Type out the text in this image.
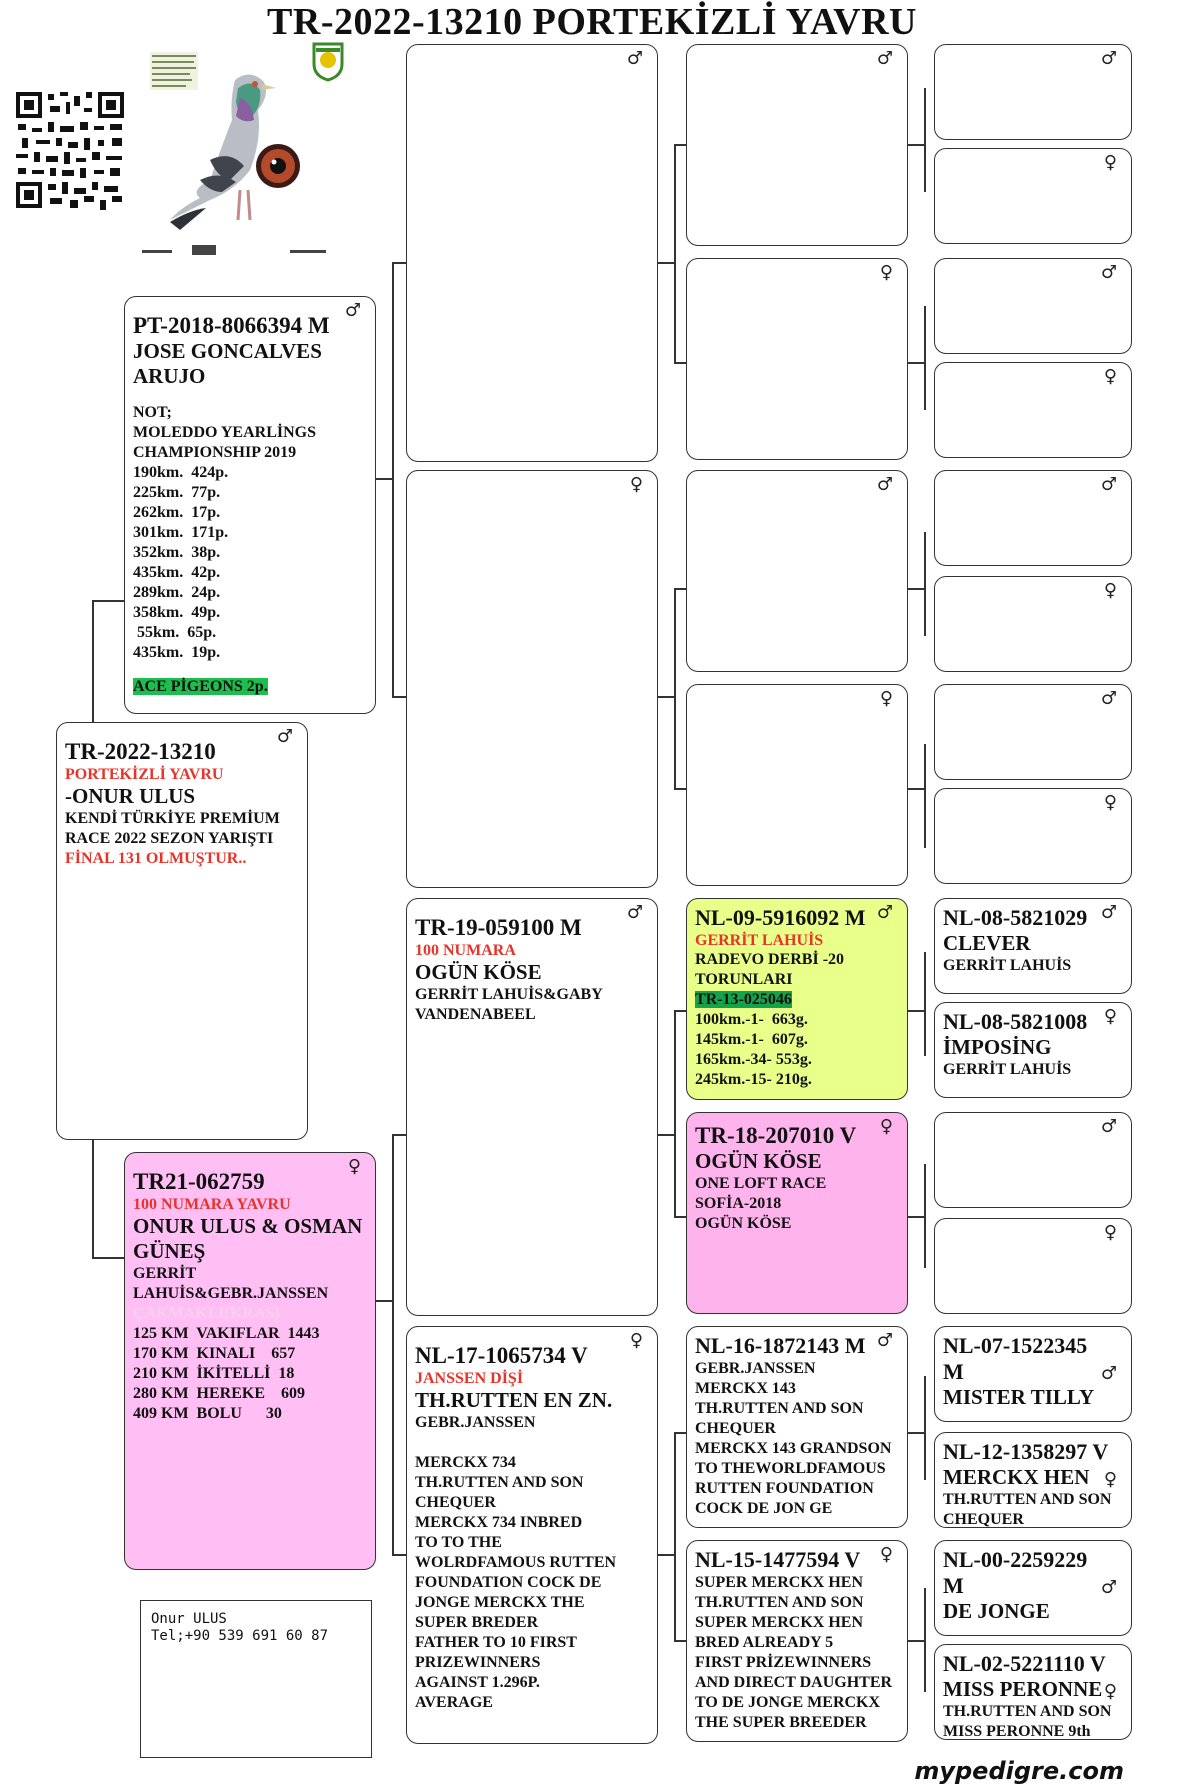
TR-2022-13210 PORTEKİZLİ YAVRU
♂
PT-2018-8066394 M
JOSE GONCALVES
ARUJO
NOT;
MOLEDDO YEARLİNGS
CHAMPIONSHIP 2019
190km.  424p.
225km.  77p.
262km.  17p.
301km.  171p.
352km.  38p.
435km.  42p.
289km.  24p.
358km.  49p.
55km.  65p.
435km.  19p.
ACE PİGEONS 2p.
♂
TR-2022-13210
PORTEKİZLİ YAVRU
-ONUR ULUS
KENDİ TÜRKİYE PREMİUM
RACE 2022 SEZON YARIŞTI
FİNAL 131 OLMUŞTUR..
♀
TR21-062759
100 NUMARA YAVRU
ONUR ULUS & OSMAN
GÜNEŞ
GERRİT
LAHUİS&GEBR.JANSSEN
ÇAKMAKLI(KRAS)
125 KM  VAKIFLAR  1443
170 KM  KINALI    657
210 KM  İKİTELLİ  18
280 KM  HEREKE    609
409 KM  BOLU      30
♂
♀
♂
TR-19-059100 M
100 NUMARA
OGÜN KÖSE
GERRİT LAHUİS&GABY
VANDENABEEL
♀
NL-17-1065734 V
JANSSEN DİŞİ
TH.RUTTEN EN ZN.
GEBR.JANSSEN

MERCKX 734
TH.RUTTEN AND SON
CHEQUER
MERCKX 734 INBRED
TO TO THE
WOLRDFAMOUS RUTTEN
FOUNDATION COCK DE
JONGE MERCKX THE
SUPER BREDER
FATHER TO 10 FIRST
PRIZEWINNERS
AGAINST 1.296P.
AVERAGE
♂
♀
♂
♀
♂
NL-09-5916092 M
GERRİT LAHUİS
RADEVO DERBİ -20
TORUNLARI
TR-13-025046
100km.-1-  663g.
145km.-1-  607g.
165km.-34- 553g.
245km.-15- 210g.
♀
TR-18-207010 V
OGÜN KÖSE
ONE LOFT RACE
SOFİA-2018
OGÜN KÖSE
♂
NL-16-1872143 M
GEBR.JANSSEN
MERCKX 143
TH.RUTTEN AND SON
CHEQUER
MERCKX 143 GRANDSON
TO THEWORLDFAMOUS
RUTTEN FOUNDATION
COCK DE JON GE
♀
NL-15-1477594 V
SUPER MERCKX HEN
TH.RUTTEN AND SON
SUPER MERCKX HEN
BRED ALREADY 5
FIRST PRİZEWINNERS
AND DIRECT DAUGHTER
TO DE JONGE MERCKX
THE SUPER BREEDER
♂
♀
♂
♀
♂
♀
♂
♀
♂
NL-08-5821029
CLEVER
GERRİT LAHUİS
♀
NL-08-5821008
İMPOSİNG
GERRİT LAHUİS
♂
♀
♂
NL-07-1522345
M
MISTER TILLY
♀
NL-12-1358297 V
MERCKX HEN
TH.RUTTEN AND SON
CHEQUER
♂
NL-00-2259229
M
DE JONGE
♀
NL-02-5221110 V
MISS PERONNE
TH.RUTTEN AND SON
MISS PERONNE 9th
Onur ULUS
Tel;+90 539 691 60 87
mypedigre.com
